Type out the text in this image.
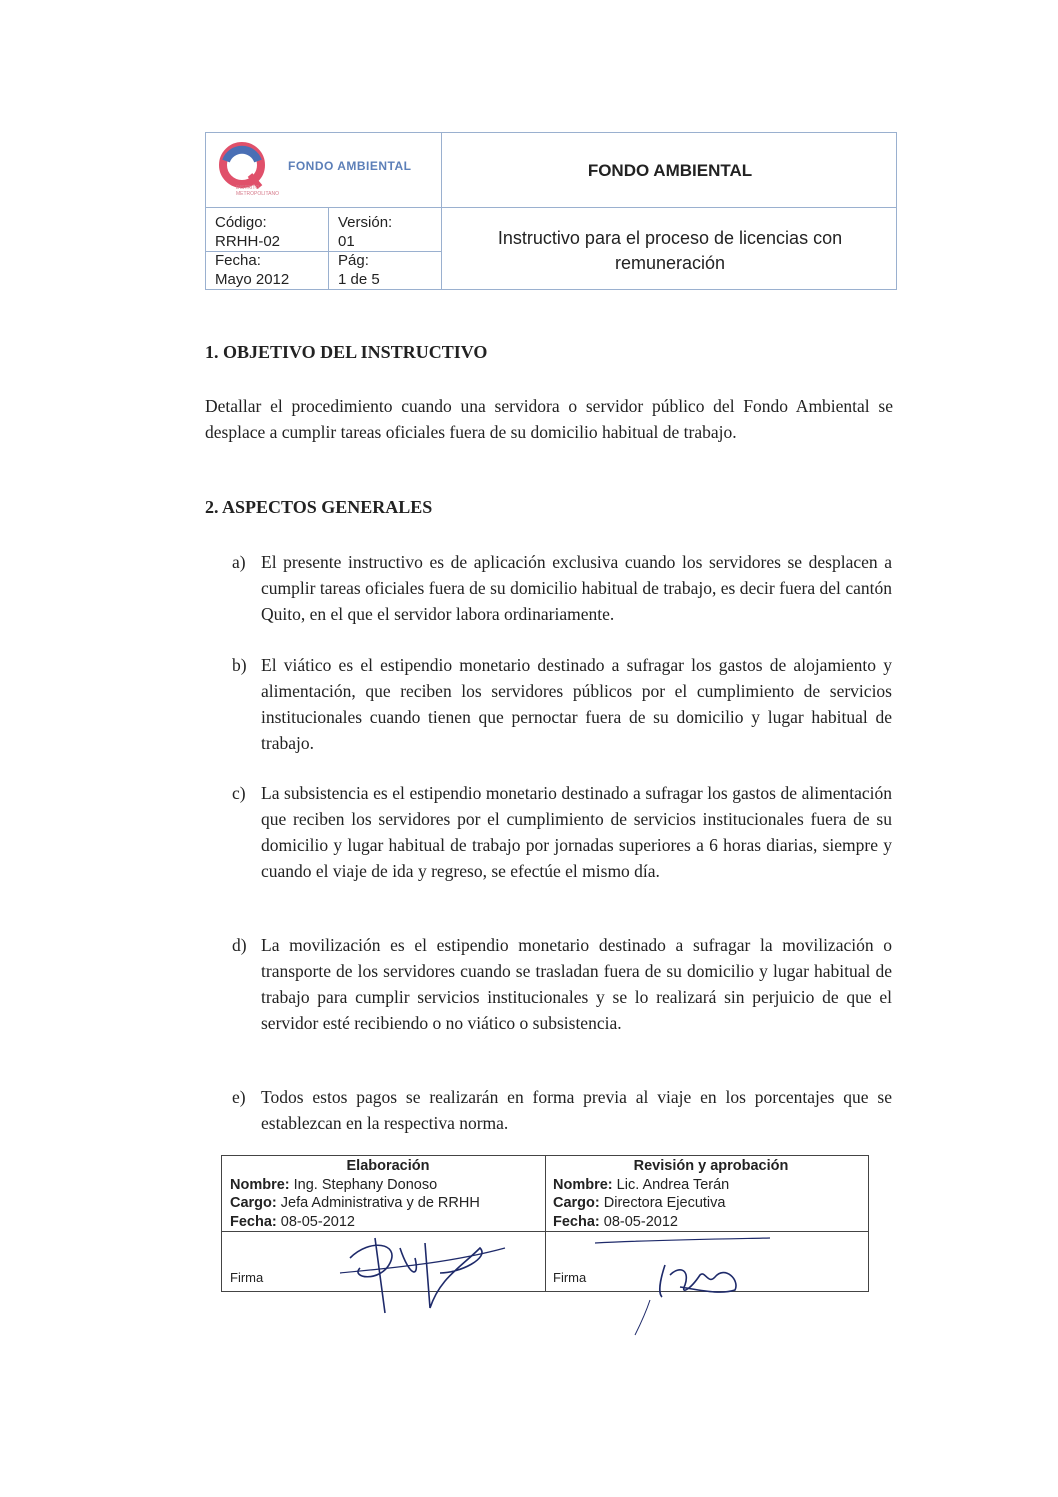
FONDO AMBIENTAL
DISTRITO METROPOLITANO
FONDO AMBIENTAL
Instructivo para el proceso de licencias con remuneración
Código:
RRHH-02
Versión:
01
Fecha:
Mayo 2012
Pág:
1 de 5
1. OBJETIVO DEL INSTRUCTIVO

Detallar el procedimiento cuando una servidora o servidor público del Fondo Ambiental se desplace a cumplir tareas oficiales fuera de su domicilio habitual de trabajo.

2. ASPECTOS GENERALES
a) El presente instructivo es de aplicación exclusiva cuando los servidores se desplacen a cumplir tareas oficiales fuera de su domicilio habitual de trabajo, es decir fuera del cantón Quito, en el que el servidor labora ordinariamente.
b) El viático es el estipendio monetario destinado a sufragar los gastos de alojamiento y alimentación, que reciben los servidores públicos por el cumplimiento de servicios institucionales cuando tienen que pernoctar fuera de su domicilio y lugar habitual de trabajo.
c) La subsistencia es el estipendio monetario destinado a sufragar los gastos de alimentación que reciben los servidores por el cumplimiento de servicios institucionales fuera de su domicilio y lugar habitual de trabajo por jornadas superiores a 6 horas diarias, siempre y cuando el viaje de ida y regreso, se efectúe el mismo día.
d) La movilización es el estipendio monetario destinado a sufragar la movilización o transporte de los servidores cuando se trasladan fuera de su domicilio y lugar habitual de trabajo para cumplir servicios institucionales y se lo realizará sin perjuicio de que el servidor esté recibiendo o no viático o subsistencia.
e) Todos estos pagos se realizarán en forma previa al viaje en los porcentajes que se establezcan en la respectiva norma.
Elaboración
Nombre: Ing. Stephany Donoso
Cargo: Jefa Administrativa y de RRHH
Fecha: 08-05-2012
Firma
Revisión y aprobación
Nombre: Lic. Andrea Terán
Cargo: Directora Ejecutiva
Fecha: 08-05-2012
Firma
